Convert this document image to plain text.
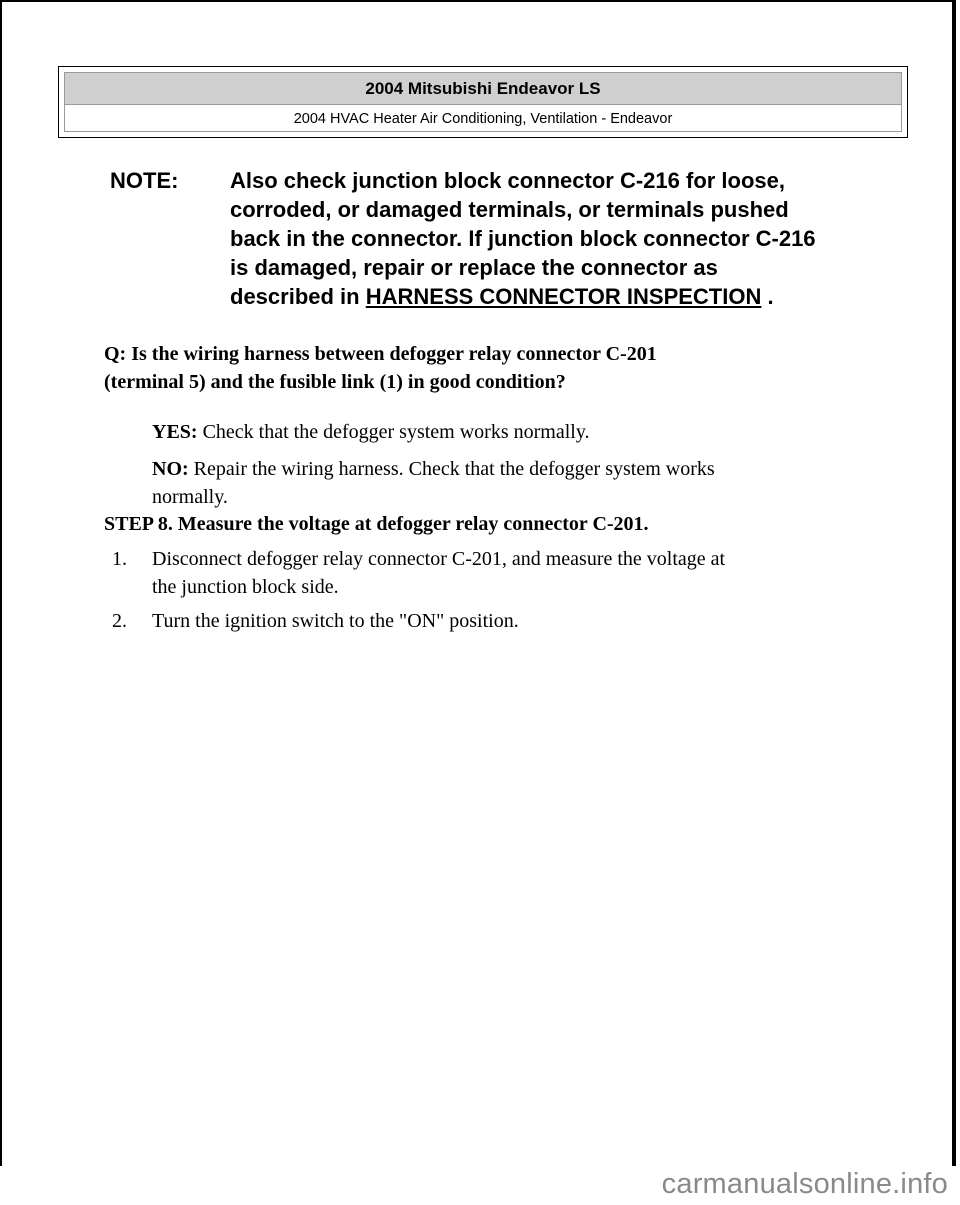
2004 Mitsubishi Endeavor LS
2004 HVAC Heater Air Conditioning, Ventilation - Endeavor
NOTE: Also check junction block connector C-216 for loose,
corroded, or damaged terminals, or terminals pushed
back in the connector. If junction block connector C-216
is damaged, repair or replace the connector as
described in HARNESS CONNECTOR INSPECTION .
Q: Is the wiring harness between defogger relay connector C-201
(terminal 5) and the fusible link (1) in good condition?
YES: Check that the defogger system works normally.
NO: Repair the wiring harness. Check that the defogger system works
normally.
STEP 8. Measure the voltage at defogger relay connector C-201.
1. Disconnect defogger relay connector C-201, and measure the voltage at
the junction block side.
2. Turn the ignition switch to the "ON" position.
carmanualsonline.info
